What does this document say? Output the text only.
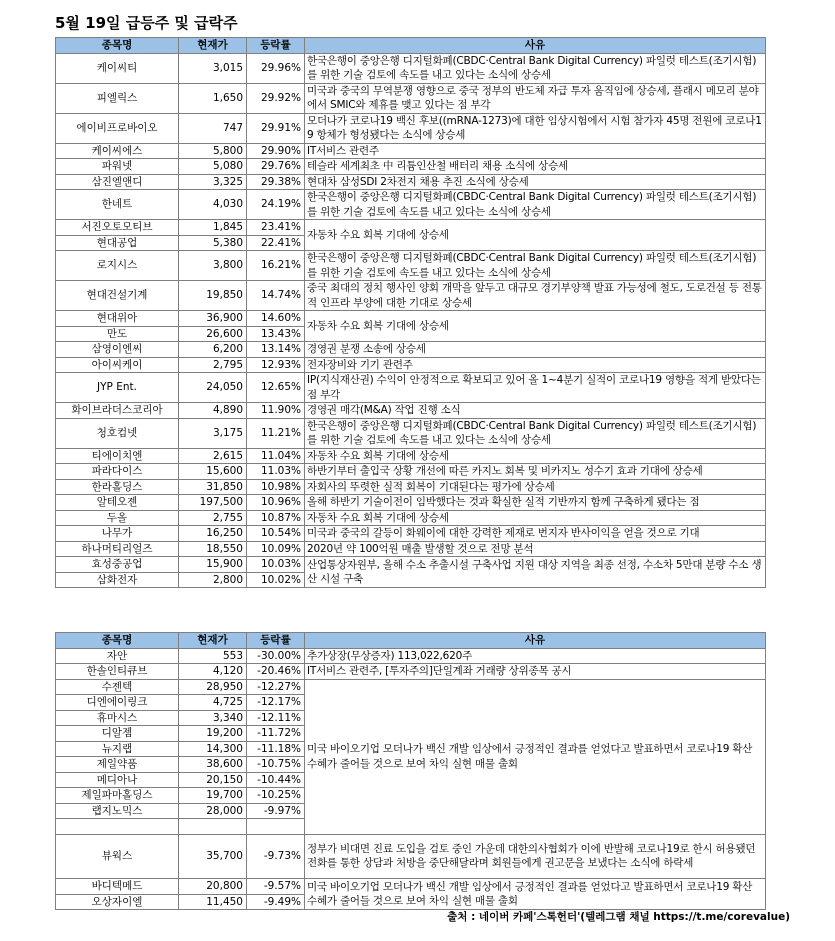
5월 19일 급등주 및 급락주
종목명	현재가	등락률	사유
케이씨티	3,015	29.96%	한국은행이 중앙은행 디지털화폐(CBDC·Central Bank Digital Currency) 파일럿 테스트(조기시험)를 위한 기술 검토에 속도를 내고 있다는 소식에 상승세
피엘릭스	1,650	29.92%	미국과 중국의 무역분쟁 영향으로 중국 정부의 반도체 자급 투자 움직임에 상승세, 플래시 메모리 분야에서 SMIC와 제휴를 맺고 있다는 점 부각
에이비프로바이오	747	29.91%	모더나가 코로나19 백신 후보((mRNA-1273)에 대한 임상시험에서 시험 참가자 45명 전원에 코로나19 항체가 형성됐다는 소식에 상승세
케이씨에스	5,800	29.90%	IT서비스 관련주
파워넷	5,080	29.76%	테슬라 세계최초 中 리튬인산철 배터리 채용 소식에 상승세
삼진엘앤디	3,325	29.38%	현대차 삼성SDI 2차전지 채용 추진 소식에 상승세
한네트	4,030	24.19%	한국은행이 중앙은행 디지털화폐(CBDC·Central Bank Digital Currency) 파일럿 테스트(조기시험)를 위한 기술 검토에 속도를 내고 있다는 소식에 상승세
서진오토모티브	1,845	23.41%	자동차 수요 회복 기대에 상승세
현대공업	5,380	22.41%	
로지시스	3,800	16.21%	한국은행이 중앙은행 디지털화폐(CBDC·Central Bank Digital Currency) 파일럿 테스트(조기시험)를 위한 기술 검토에 속도를 내고 있다는 소식에 상승세
현대건설기계	19,850	14.74%	중국 최대의 정치 행사인 양회 개막을 앞두고 대규모 경기부양책 발표 가능성에 철도, 도로건설 등 전통적 인프라 부양에 대한 기대로 상승세
현대위아	36,900	14.60%	자동차 수요 회복 기대에 상승세
만도	26,600	13.43%	
삼영이엔씨	6,200	13.14%	경영권 분쟁 소송에 상승세
아이씨케이	2,795	12.93%	전자장비와 기기 관련주
JYP Ent.	24,050	12.65%	IP(지식재산권) 수익이 안정적으로 확보되고 있어 올 1~4분기 실적이 코로나19 영향을 적게 받았다는 점 부각
화이브라더스코리아	4,890	11.90%	경영권 매각(M&A) 작업 진행 소식
청호컴넷	3,175	11.21%	한국은행이 중앙은행 디지털화폐(CBDC·Central Bank Digital Currency) 파일럿 테스트(조기시험)를 위한 기술 검토에 속도를 내고 있다는 소식에 상승세
티에이치엔	2,615	11.04%	자동차 수요 회복 기대에 상승세
파라다이스	15,600	11.03%	하반기부터 출입국 상황 개선에 따른 카지노 회복 및 비카지노 성수기 효과 기대에 상승세
한라홀딩스	31,850	10.98%	자회사의 뚜렷한 실적 회복이 기대된다는 평가에 상승세
알테오젠	197,500	10.96%	올해 하반기 기술이전이 임박했다는 것과 확실한 실적 기반까지 함께 구축하게 됐다는 점
두올	2,755	10.87%	자동차 수요 회복 기대에 상승세
나무가	16,250	10.54%	미국과 중국의 갈등이 화웨이에 대한 강력한 제재로 번지자 반사이익을 얻을 것으로 기대
하나머티리얼즈	18,550	10.09%	2020년 약 100억원 매출 발생할 것으로 전망 분석
효성중공업	15,900	10.03%	산업통상자원부, 올해 수소 추출시설 구축사업 지원 대상 지역을 최종 선정, 수소차 5만대 분량 수소 생산 시설 구축
삼화전자	2,800	10.02%	
종목명	현재가	등락률	사유
자안	553	-30.00%	추가상장(무상증자) 113,022,620주
한솔인티큐브	4,120	-20.46%	IT서비스 관련주, [투자주의]단일계좌 거래량 상위종목 공시
수젠텍	28,950	-12.27%	미국 바이오기업 모더나가 백신 개발 임상에서 긍정적인 결과를 얻었다고 발표하면서 코로나19 확산 수혜가 줄어들 것으로 보여 차익 실현 매물 출회
디엔에이링크	4,725	-12.17%	
휴마시스	3,340	-12.11%	
디알젬	19,200	-11.72%	
뉴지랩	14,300	-11.18%	
제일약품	38,600	-10.75%	
메디아나	20,150	-10.44%	
제일파마홀딩스	19,700	-10.25%	
랩지노믹스	28,000	-9.97%	

뷰웍스	35,700	-9.73%	정부가 비대면 진료 도입을 검토 중인 가운데 대한의사협회가 이에 반발해 코로나19로 한시 허용됐던 전화를 통한 상담과 처방을 중단해달라며 회원들에게 권고문을 보냈다는 소식에 하락세
바디텍메드	20,800	-9.57%	미국 바이오기업 모더나가 백신 개발 임상에서 긍정적인 결과를 얻었다고 발표하면서 코로나19 확산 수혜가 줄어들 것으로 보여 차익 실현 매물 출회
오상자이엘	11,450	-9.49%	
출처 : 네이버 카페'스톡헌터'(텔레그램 채널 https://t.me/corevalue)
